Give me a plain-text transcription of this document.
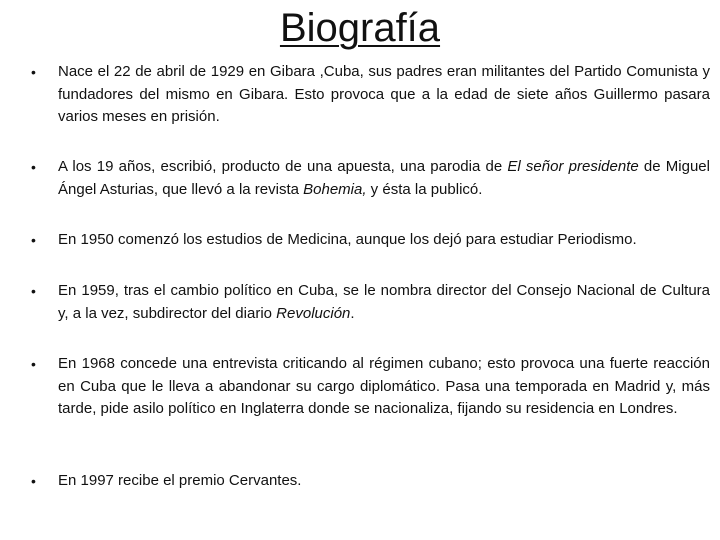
Biografía
• Nace el 22 de abril de 1929 en Gibara ,Cuba, sus padres eran militantes del Partido Comunista y fundadores del mismo en Gibara. Esto provoca que a la edad de siete años Guillermo pasara varios meses en prisión.
• A los 19 años, escribió, producto de una apuesta, una parodia de El señor presidente de Miguel Ángel Asturias, que llevó a la revista Bohemia, y ésta la publicó.
• En 1950 comenzó los estudios de Medicina, aunque los dejó para estudiar Periodismo.
• En 1959, tras el cambio político en Cuba, se le nombra director del Consejo Nacional de Cultura y, a la vez, subdirector del diario Revolución.
• En 1968 concede una entrevista criticando al régimen cubano; esto provoca una fuerte reacción en Cuba que le lleva a abandonar su cargo diplomático. Pasa una temporada en Madrid y, más tarde, pide asilo político en Inglaterra donde se nacionaliza, fijando su residencia en Londres.
• En 1997 recibe el premio Cervantes.
